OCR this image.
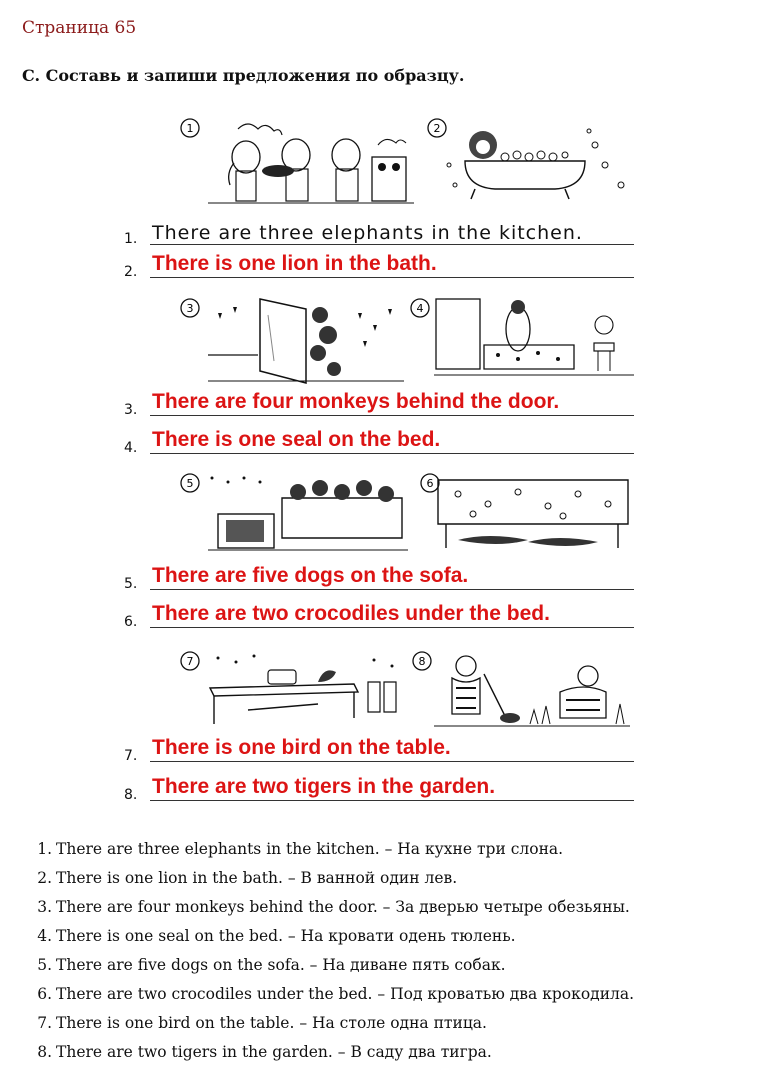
Страница 65
C. Составь и запиши предложения по образцу.
1	2
1. There are three elephants in the kitchen.
2. There is one lion in the bath.
3	4
3. There are four monkeys behind the door.
4. There is one seal on the bed.
5	6
5. There are five dogs on the sofa.
6. There are two crocodiles under the bed.
7	8
7. There is one bird on the table.
8. There are two tigers in the garden.
1. There are three elephants in the kitchen. – На кухне три слона.
2. There is one lion in the bath. – В ванной один лев.
3. There are four monkeys behind the door. – За дверью четыре обезьяны.
4. There is one seal on the bed. – На кровати одень тюлень.
5. There are five dogs on the sofa. – На диване пять собак.
6. There are two crocodiles under the bed. – Под кроватью два крокодила.
7. There is one bird on the table. – На столе одна птица.
8. There are two tigers in the garden. – В саду два тигра.
